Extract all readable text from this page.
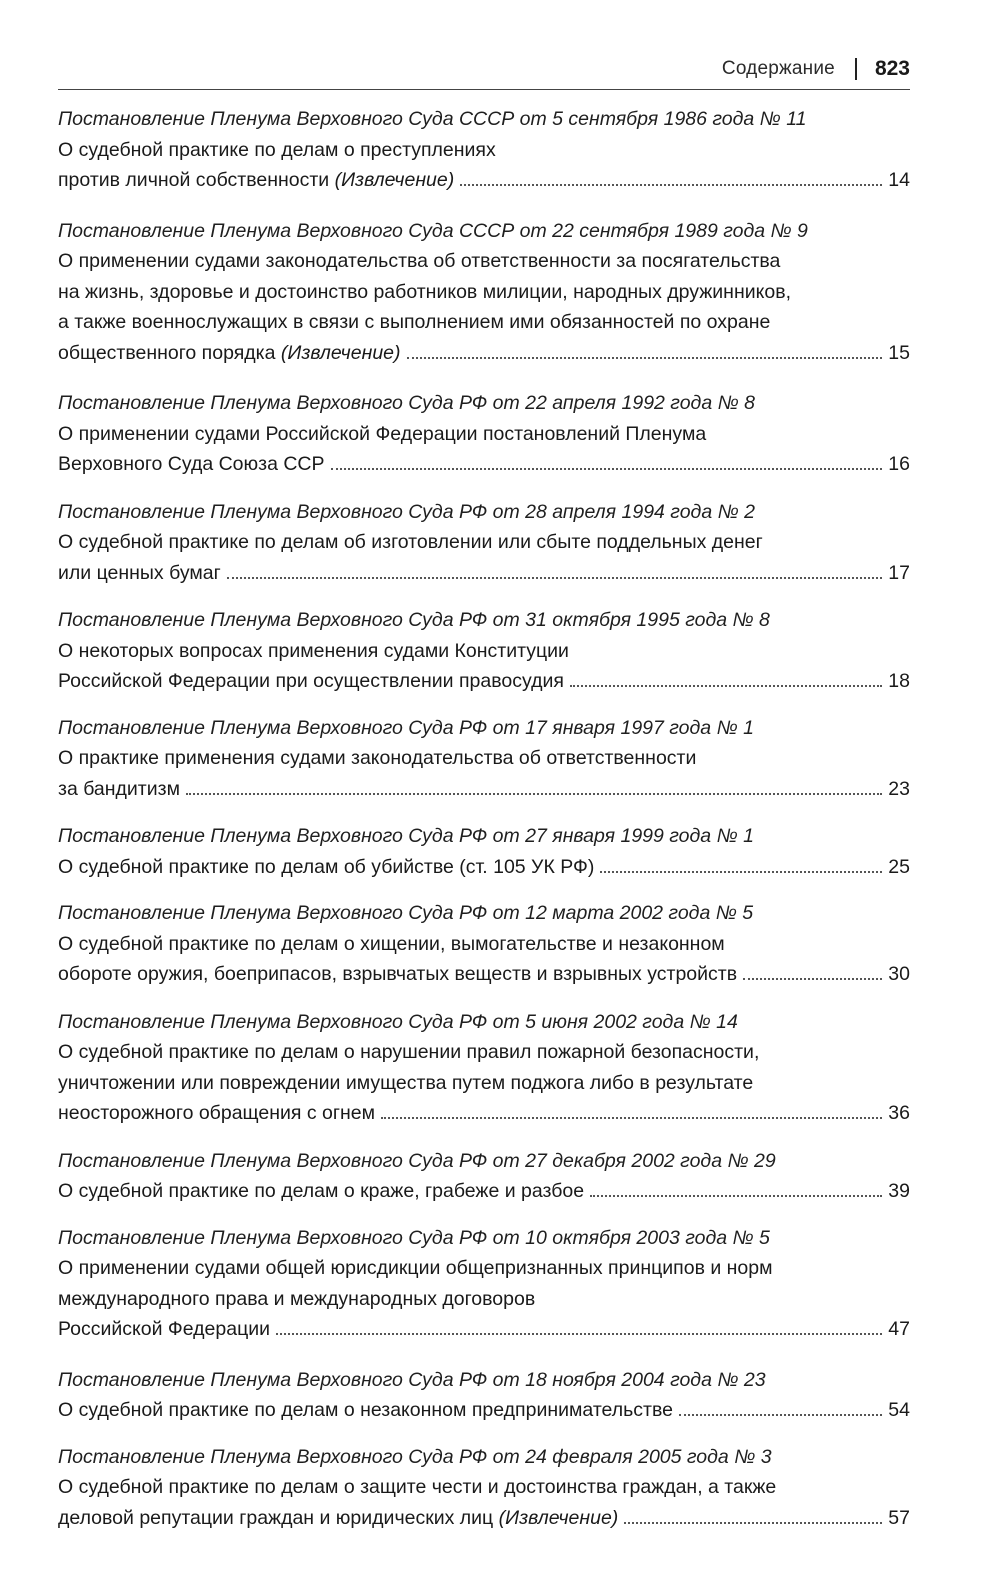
Содержание 823
Постановление Пленума Верховного Суда СССР от 5 сентября 1986 года № 11
О судебной практике по делам о преступлениях
против личной собственности (Извлечение)	14
Постановление Пленума Верховного Суда СССР от 22 сентября 1989 года № 9
О применении судами законодательства об ответственности за посягательства
на жизнь, здоровье и достоинство работников милиции, народных дружинников,
а также военнослужащих в связи с выполнением ими обязанностей по охране
общественного порядка (Извлечение)	15
Постановление Пленума Верховного Суда РФ от 22 апреля 1992 года № 8
О применении судами Российской Федерации постановлений Пленума
Верховного Суда Союза ССР	16
Постановление Пленума Верховного Суда РФ от 28 апреля 1994 года № 2
О судебной практике по делам об изготовлении или сбыте поддельных денег
или ценных бумаг	17
Постановление Пленума Верховного Суда РФ от 31 октября 1995 года № 8
О некоторых вопросах применения судами Конституции
Российской Федерации при осуществлении правосудия	18
Постановление Пленума Верховного Суда РФ от 17 января 1997 года № 1
О практике применения судами законодательства об ответственности
за бандитизм	23
Постановление Пленума Верховного Суда РФ от 27 января 1999 года № 1
О судебной практике по делам об убийстве (ст. 105 УК РФ)	25
Постановление Пленума Верховного Суда РФ от 12 марта 2002 года № 5
О судебной практике по делам о хищении, вымогательстве и незаконном
обороте оружия, боеприпасов, взрывчатых веществ и взрывных устройств	30
Постановление Пленума Верховного Суда РФ от 5 июня 2002 года № 14
О судебной практике по делам о нарушении правил пожарной безопасности,
уничтожении или повреждении имущества путем поджога либо в результате
неосторожного обращения с огнем	36
Постановление Пленума Верховного Суда РФ от 27 декабря 2002 года № 29
О судебной практике по делам о краже, грабеже и разбое	39
Постановление Пленума Верховного Суда РФ от 10 октября 2003 года № 5
О применении судами общей юрисдикции общепризнанных принципов и норм
международного права и международных договоров
Российской Федерации	47
Постановление Пленума Верховного Суда РФ от 18 ноября 2004 года № 23
О судебной практике по делам о незаконном предпринимательстве	54
Постановление Пленума Верховного Суда РФ от 24 февраля 2005 года № 3
О судебной практике по делам о защите чести и достоинства граждан, а также
деловой репутации граждан и юридических лиц (Извлечение)	57
